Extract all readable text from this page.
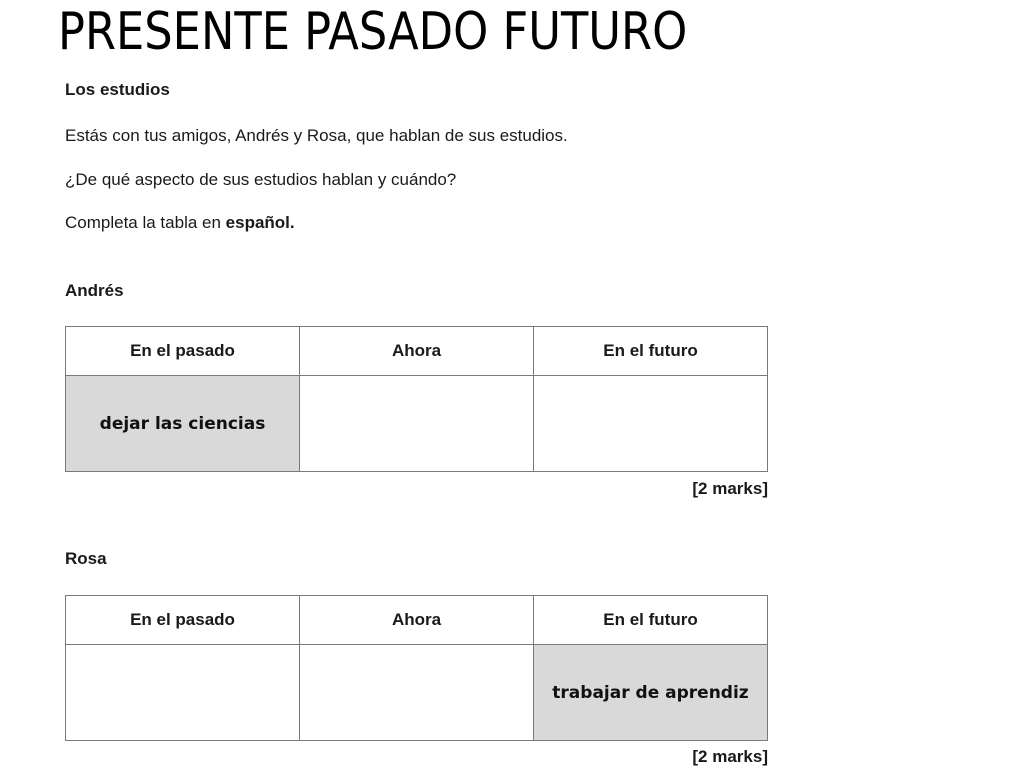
PRESENTE PASADO FUTURO
Los estudios
Estás con tus amigos, Andrés y Rosa, que hablan de sus estudios.
¿De qué aspecto de sus estudios hablan y cuándo?
Completa la tabla en español.
Andrés
En el pasado	Ahora	En el futuro
dejar las ciencias		
[2 marks]
Rosa
En el pasado	Ahora	En el futuro
		trabajar de aprendiz
[2 marks]
